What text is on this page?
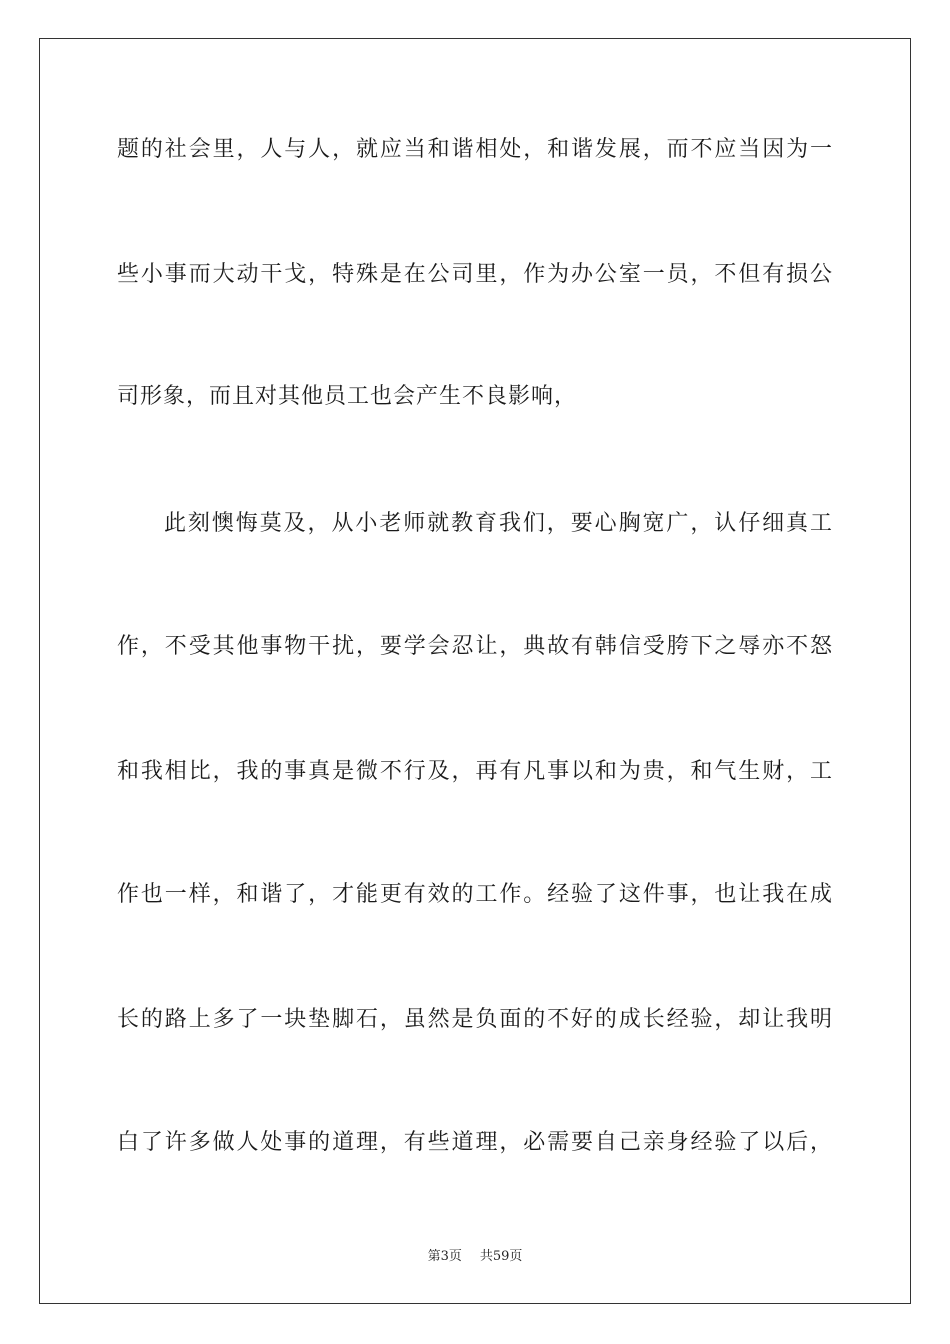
题的社会里，人与人，就应当和谐相处，和谐发展，而不应当因为一
些小事而大动干戈，特殊是在公司里，作为办公室一员，不但有损公
司形象，而且对其他员工也会产生不良影响，
此刻懊悔莫及，从小老师就教育我们，要心胸宽广，认仔细真工
作，不受其他事物干扰，要学会忍让，典故有韩信受胯下之辱亦不怒
和我相比，我的事真是微不行及，再有凡事以和为贵，和气生财，工
作也一样，和谐了，才能更有效的工作。经验了这件事，也让我在成
长的路上多了一块垫脚石，虽然是负面的不好的成长经验，却让我明
白了许多做人处事的道理，有些道理，必需要自己亲身经验了以后，
第3页 共59页
